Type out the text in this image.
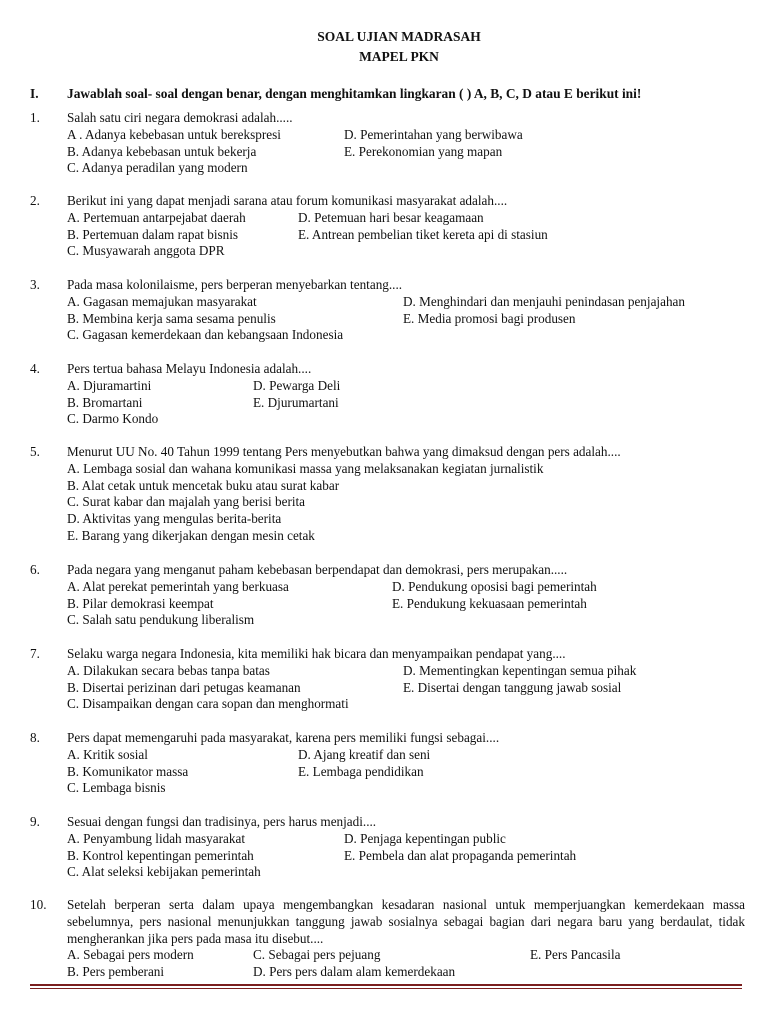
SOAL UJIAN MADRASAH
MAPEL PKN
I. Jawablah soal- soal dengan benar, dengan menghitamkan lingkaran ( ) A, B, C, D atau E berikut ini!
1. Salah satu ciri negara demokrasi adalah.....
A . Adanya kebebasan untuk berekspresi	D. Pemerintahan yang berwibawa
B. Adanya kebebasan untuk bekerja	E. Perekonomian yang mapan
C. Adanya peradilan yang modern
2. Berikut ini yang dapat menjadi sarana atau forum komunikasi masyarakat adalah....
A. Pertemuan antarpejabat daerah	D. Petemuan hari besar keagamaan
B. Pertemuan dalam rapat bisnis	E. Antrean pembelian tiket kereta api di stasiun
C. Musyawarah anggota DPR
3. Pada masa kolonilaisme, pers berperan menyebarkan tentang....
A. Gagasan memajukan masyarakat	D. Menghindari dan menjauhi penindasan penjajahan
B. Membina kerja sama sesama penulis	E. Media promosi bagi produsen
C. Gagasan kemerdekaan dan kebangsaan Indonesia
4. Pers tertua bahasa Melayu Indonesia adalah....
A. Djuramartini	D. Pewarga Deli
B. Bromartani	E. Djurumartani
C. Darmo Kondo
5. Menurut UU No. 40 Tahun 1999 tentang Pers menyebutkan bahwa yang dimaksud dengan pers adalah....
A. Lembaga sosial dan wahana komunikasi massa yang melaksanakan kegiatan jurnalistik
B. Alat cetak untuk mencetak buku atau surat kabar
C. Surat kabar dan majalah yang berisi berita
D. Aktivitas yang mengulas berita-berita
E. Barang yang dikerjakan dengan mesin cetak
6. Pada negara yang menganut paham kebebasan berpendapat dan demokrasi, pers merupakan.....
A. Alat perekat pemerintah yang berkuasa	D. Pendukung oposisi bagi pemerintah
B. Pilar demokrasi keempat	E. Pendukung kekuasaan pemerintah
C. Salah satu pendukung liberalism
7. Selaku warga negara Indonesia, kita memiliki hak bicara dan menyampaikan pendapat yang....
A. Dilakukan secara bebas tanpa batas	D. Mementingkan kepentingan semua pihak
B. Disertai perizinan dari petugas keamanan	E. Disertai dengan tanggung jawab sosial
C. Disampaikan dengan cara sopan dan menghormati
8. Pers dapat memengaruhi pada masyarakat, karena pers memiliki fungsi sebagai....
A. Kritik sosial	D. Ajang kreatif dan seni
B. Komunikator massa	E. Lembaga pendidikan
C. Lembaga bisnis
9. Sesuai dengan fungsi dan tradisinya, pers harus menjadi....
A. Penyambung lidah masyarakat	D. Penjaga kepentingan public
B. Kontrol kepentingan pemerintah	E. Pembela dan alat propaganda pemerintah
C. Alat seleksi kebijakan pemerintah
10. Setelah berperan serta dalam upaya mengembangkan kesadaran nasional untuk memperjuangkan kemerdekaan massa sebelumnya, pers nasional menunjukkan tanggung jawab sosialnya sebagai bagian dari negara baru yang berdaulat, tidak mengherankan jika pers pada masa itu disebut....
A. Sebagai pers modern	C. Sebagai pers pejuang	E. Pers Pancasila
B. Pers pemberani	D. Pers pers dalam alam kemerdekaan
